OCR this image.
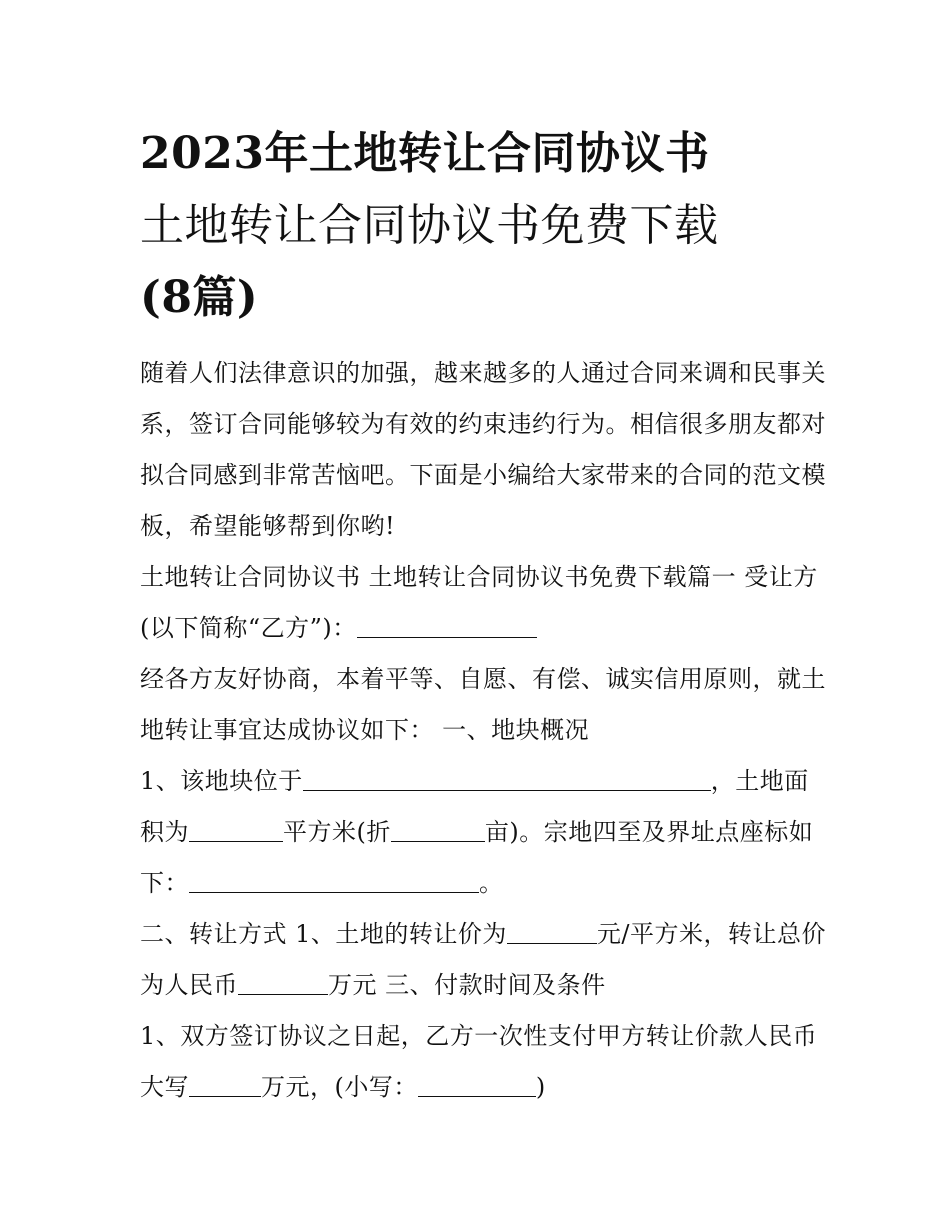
2023年土地转让合同协议书
土地转让合同协议书免费下载
(8篇)

随着人们法律意识的加强，越来越多的人通过合同来调和民事关系，签订合同能够较为有效的约束违约行为。相信很多朋友都对拟合同感到非常苦恼吧。下面是小编给大家带来的合同的范文模板，希望能够帮到你哟!

土地转让合同协议书 土地转让合同协议书免费下载篇一 受让方(以下简称“乙方”)：

经各方友好协商，本着平等、自愿、有偿、诚实信用原则，就土地转让事宜达成协议如下： 一、地块概况

1、该地块位于	，土地面积为	平方米(折	亩)。宗地四至及界址点座标如下：	。

二、转让方式 1、土地的转让价为	元/平方米，转让总价为人民币	万元 三、付款时间及条件

1、双方签订协议之日起，乙方一次性支付甲方转让价款人民币大写	万元，(小写：	)
